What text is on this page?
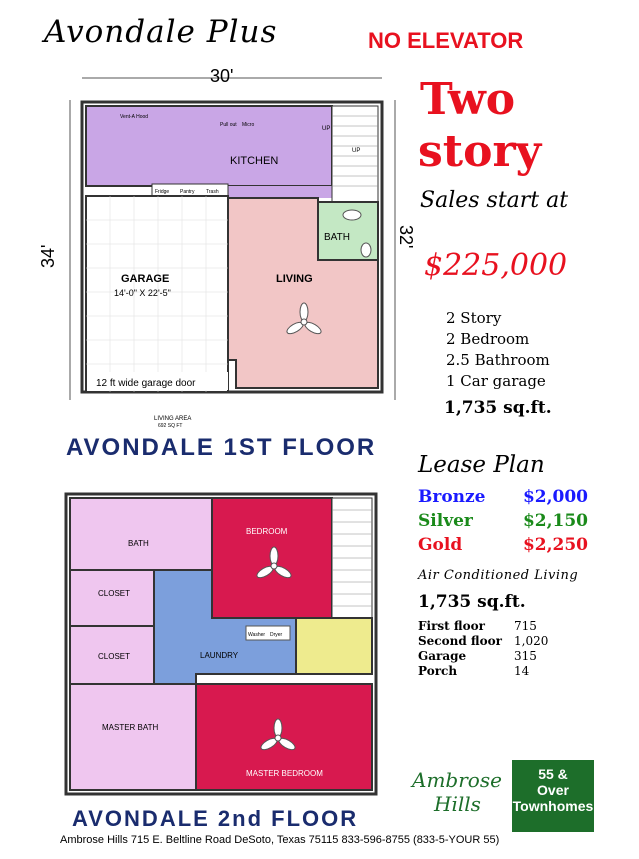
Avondale Plus	NO ELEVATOR
Two
story
Sales start at
$225,000
2 Story
2 Bedroom
2.5 Bathroom
1 Car garage
1,735 sq.ft.
Lease Plan
Bronze $2,000
Silver	$2,150
Gold	$2,250
Air Conditioned Living
1,735 sq.ft.
First floor 715
Second floor 1,020
Garage	315
Porch	14
30'
34'
32'
KITCHEN
Vent-A Hood
Pull out Micro
Fridge Pantry Trash
UP
UP
BATH
LIVING
GARAGE
14'-0" X 22'-5"
12 ft wide garage door
LIVING AREA
692 SQ FT
AVONDALE 1ST FLOOR
BATH
BEDROOM
CLOSET
CLOSET	LAUNDRY
Washer Dryer
MASTER BATH
MASTER BEDROOM
AVONDALE 2nd FLOOR
Ambrose
Hills
55 &
Over
Townhomes
Ambrose Hills 715 E. Beltline Road DeSoto, Texas 75115 833-596-8755 (833-5-YOUR 55)
